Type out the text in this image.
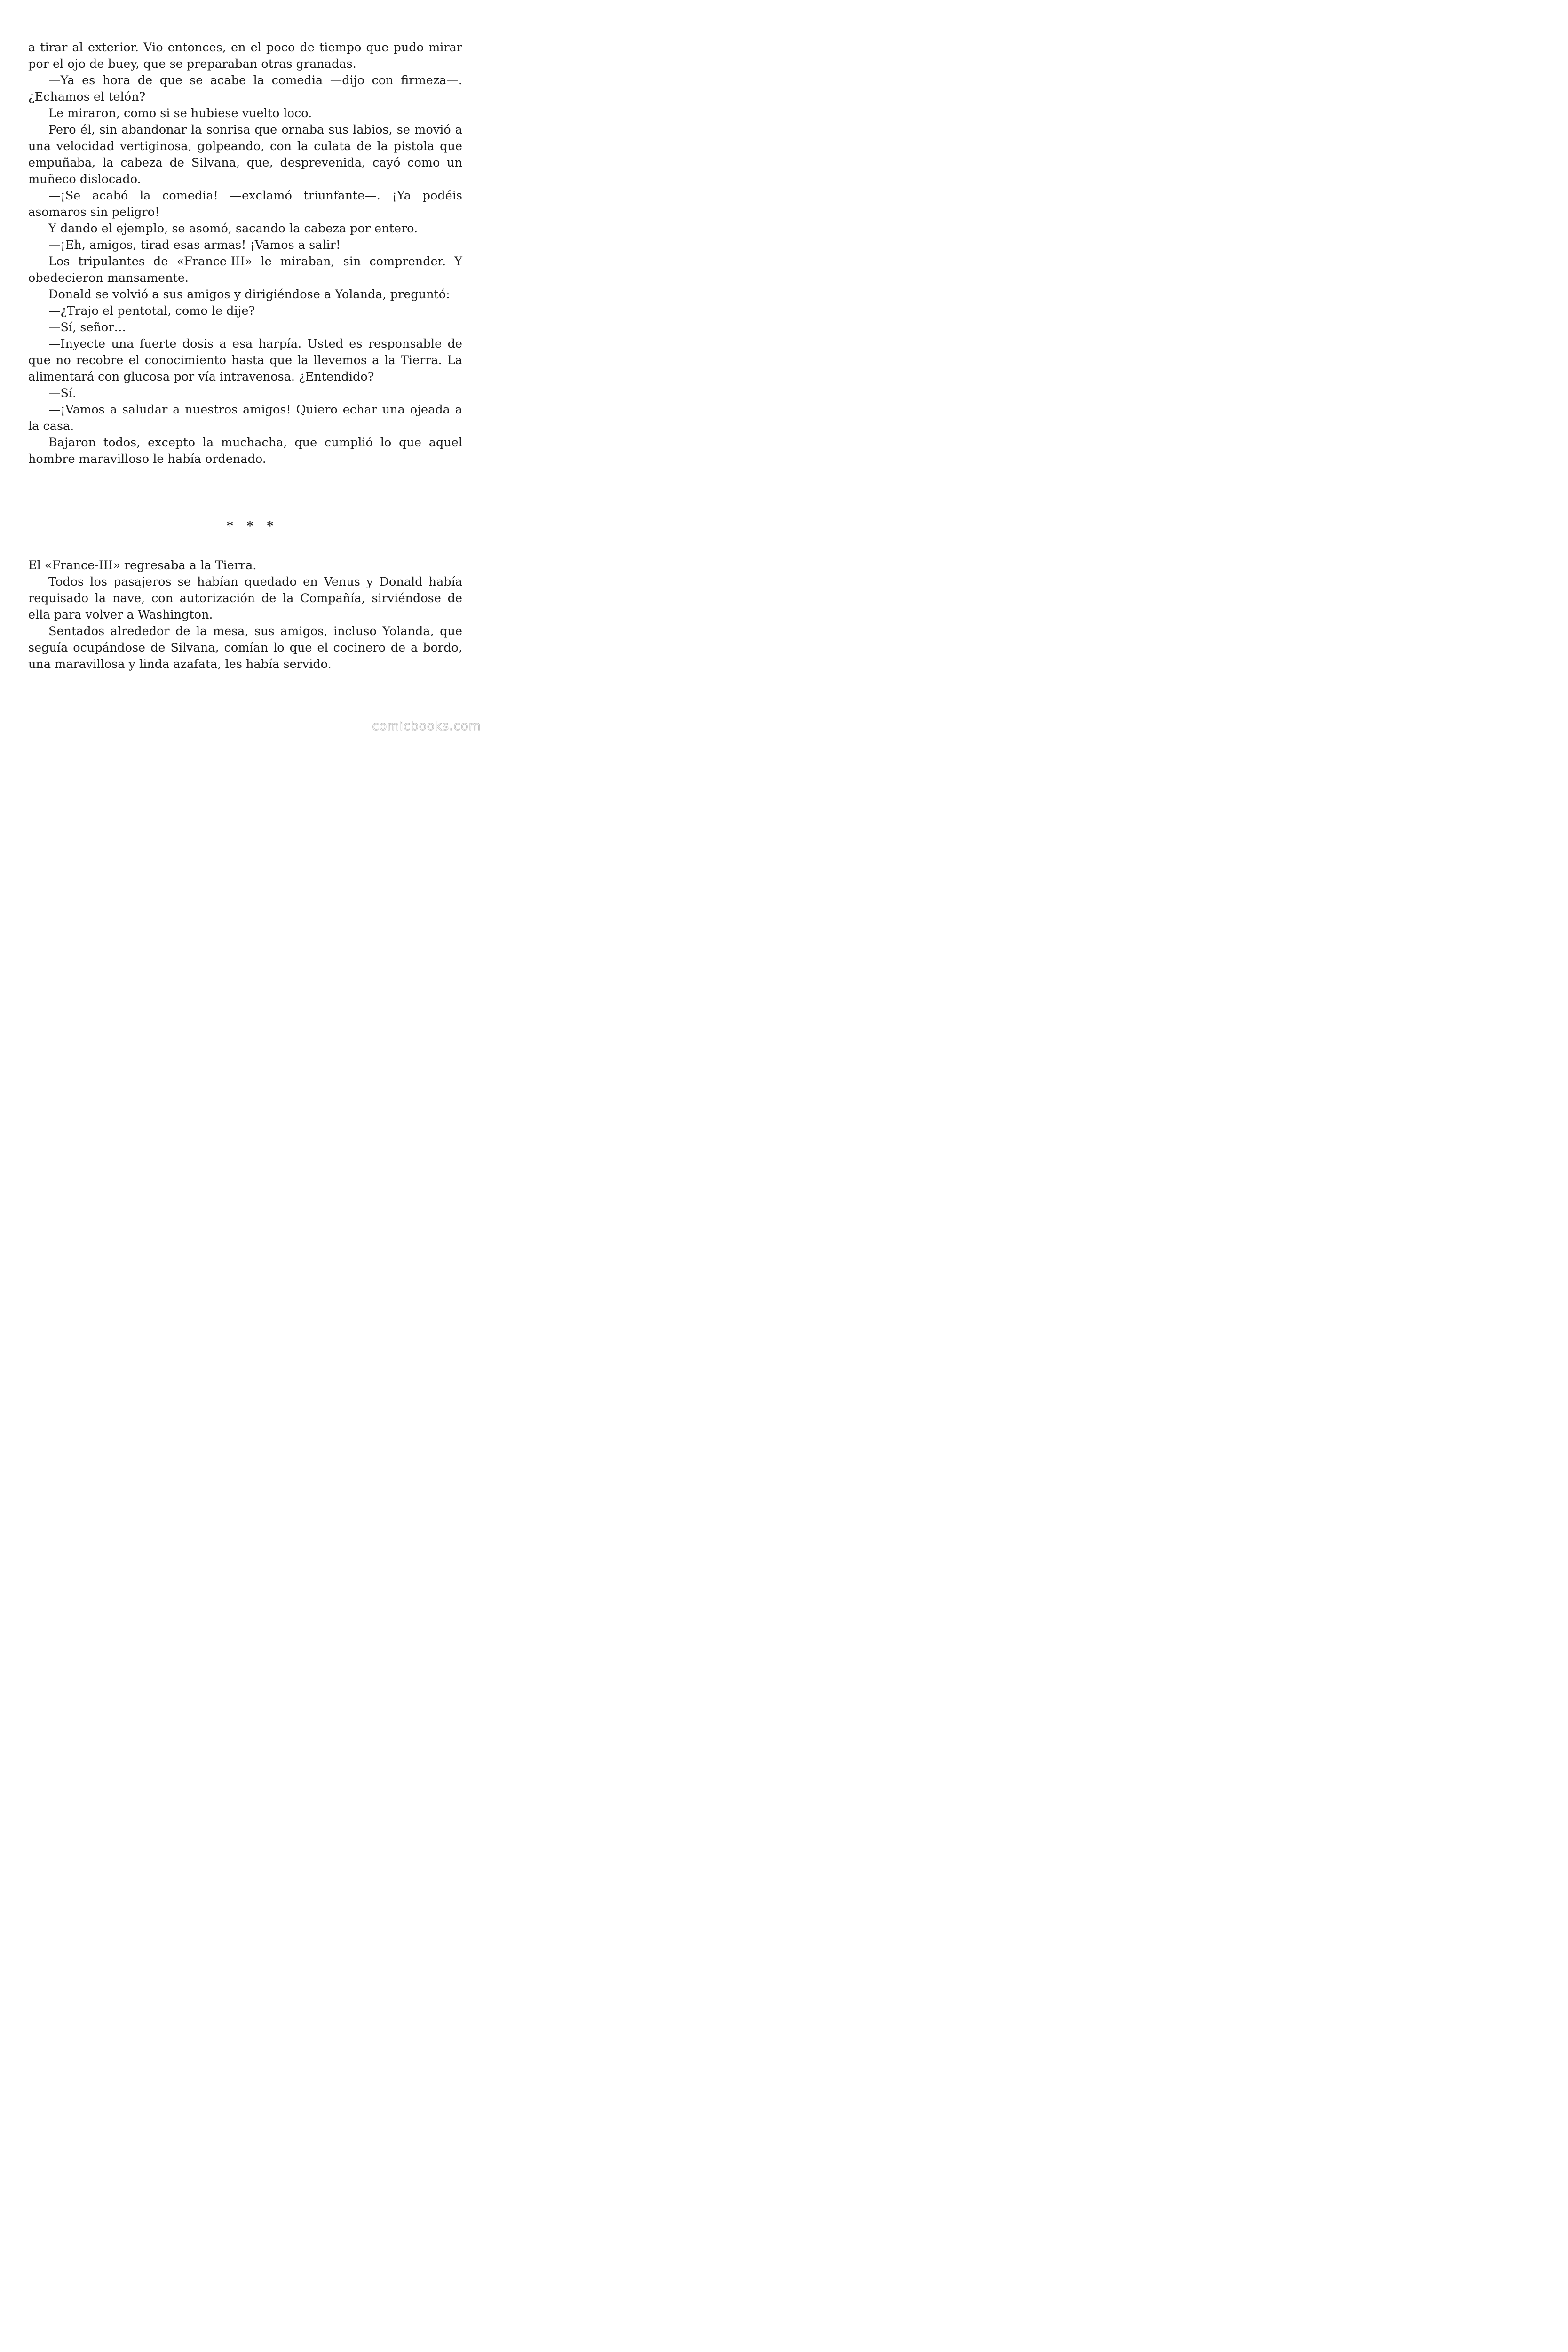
a tirar al exterior. Vio entonces, en el poco de tiempo que pudo mirar por el ojo de buey, que se preparaban otras granadas.

—Ya es hora de que se acabe la comedia —dijo con firmeza—. ¿Echamos el telón?

Le miraron, como si se hubiese vuelto loco.

Pero él, sin abandonar la sonrisa que ornaba sus labios, se movió a una velocidad vertiginosa, golpeando, con la culata de la pistola que empuñaba, la cabeza de Silvana, que, desprevenida, cayó como un muñeco dislocado.

—¡Se acabó la comedia! —exclamó triunfante—. ¡Ya podéis asomaros sin peligro!

Y dando el ejemplo, se asomó, sacando la cabeza por entero.

—¡Eh, amigos, tirad esas armas! ¡Vamos a salir!

Los tripulantes de «France-III» le miraban, sin comprender. Y obedecieron mansamente.

Donald se volvió a sus amigos y dirigiéndose a Yolanda, preguntó:

—¿Trajo el pentotal, como le dije?

—Sí, señor…

—Inyecte una fuerte dosis a esa harpía. Usted es responsable de que no recobre el conocimiento hasta que la llevemos a la Tierra. La alimentará con glucosa por vía intravenosa. ¿Entendido?

—Sí.

—¡Vamos a saludar a nuestros amigos! Quiero echar una ojeada a la casa.

Bajaron todos, excepto la muchacha, que cumplió lo que aquel hombre maravilloso le había ordenado.

* * *

El «France-III» regresaba a la Tierra.

Todos los pasajeros se habían quedado en Venus y Donald había requisado la nave, con autorización de la Compañía, sirviéndose de ella para volver a Washington.

Sentados alrededor de la mesa, sus amigos, incluso Yolanda, que seguía ocupándose de Silvana, comían lo que el cocinero de a bordo, una maravillosa y linda azafata, les había servido.

comicbooks.com
